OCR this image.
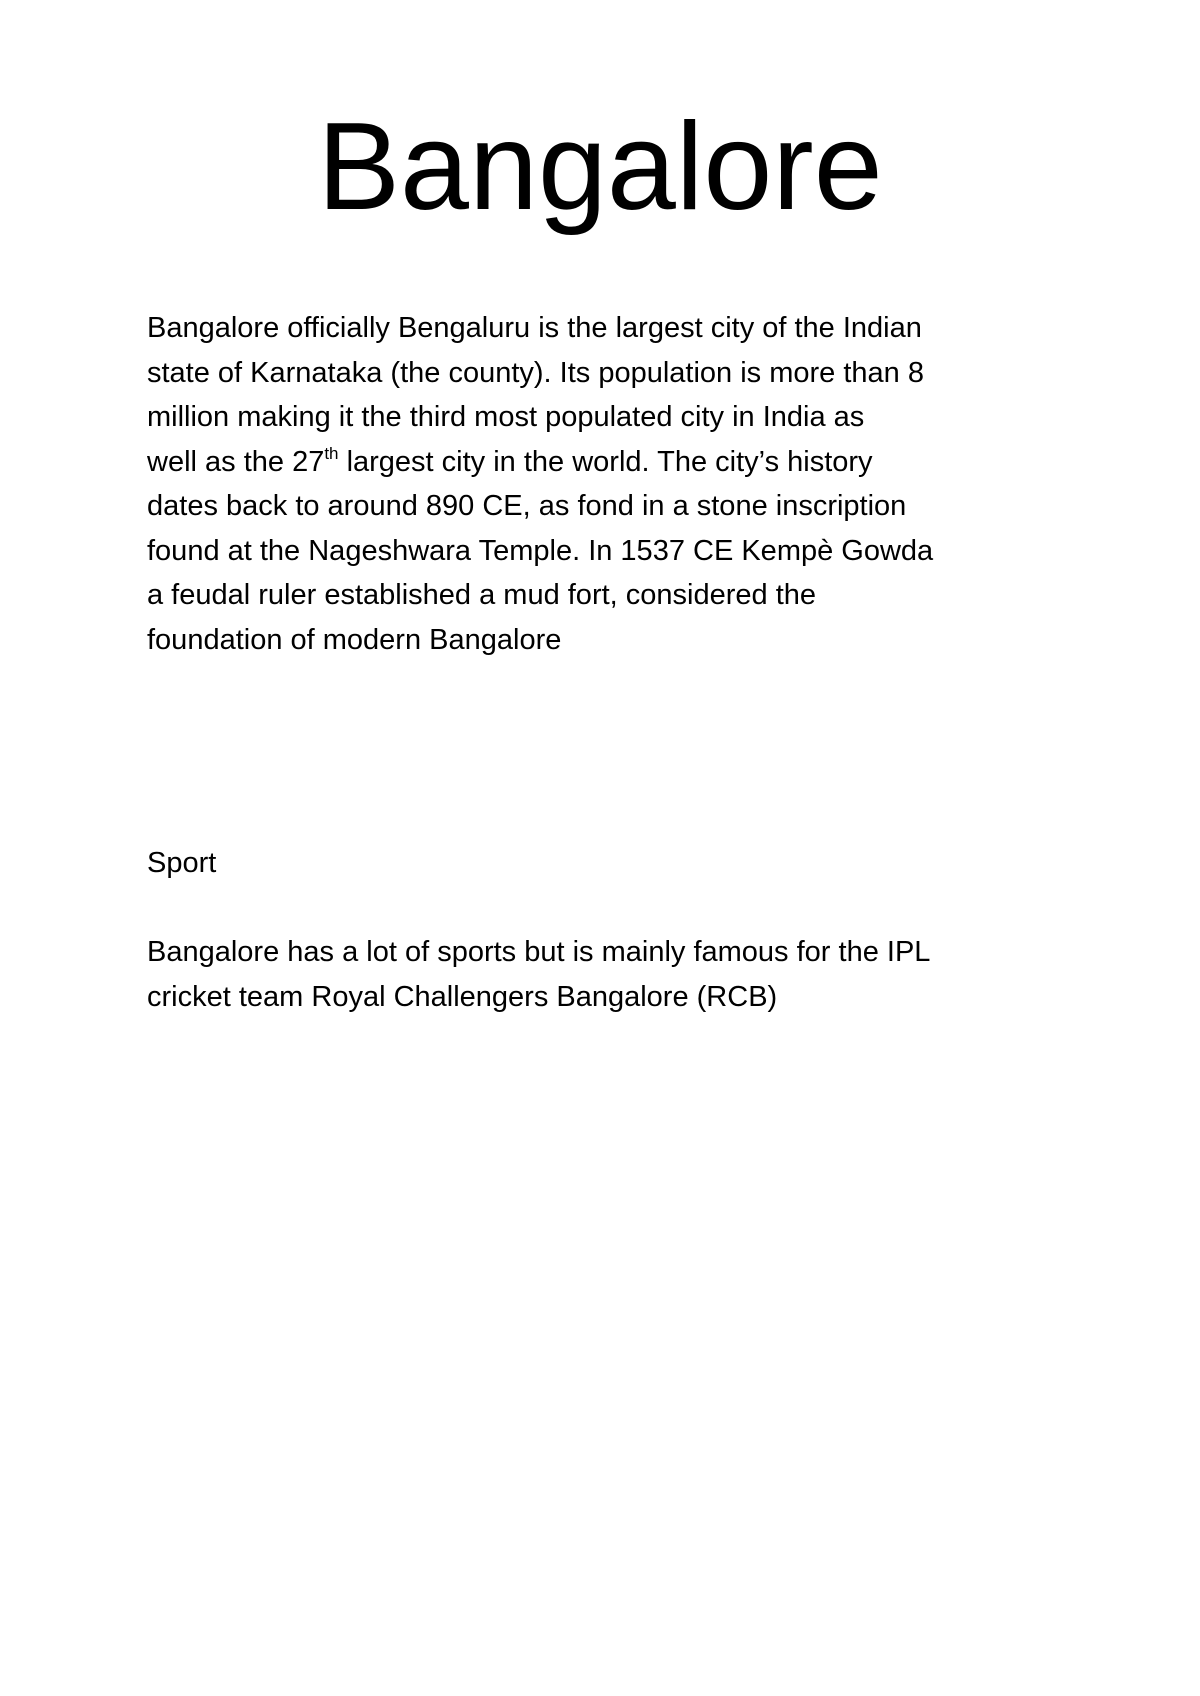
Bangalore

Bangalore officially Bengaluru is the largest city of the Indian
state of Karnataka (the county). Its population is more than 8
million making it the third most populated city in India as
well as the 27th largest city in the world. The city’s history
dates back to around 890 CE, as fond in a stone inscription
found at the Nageshwara Temple. In 1537 CE Kempè Gowda
a feudal ruler established a mud fort, considered the
foundation of modern Bangalore

Sport

Bangalore has a lot of sports but is mainly famous for the IPL
cricket team Royal Challengers Bangalore (RCB)
